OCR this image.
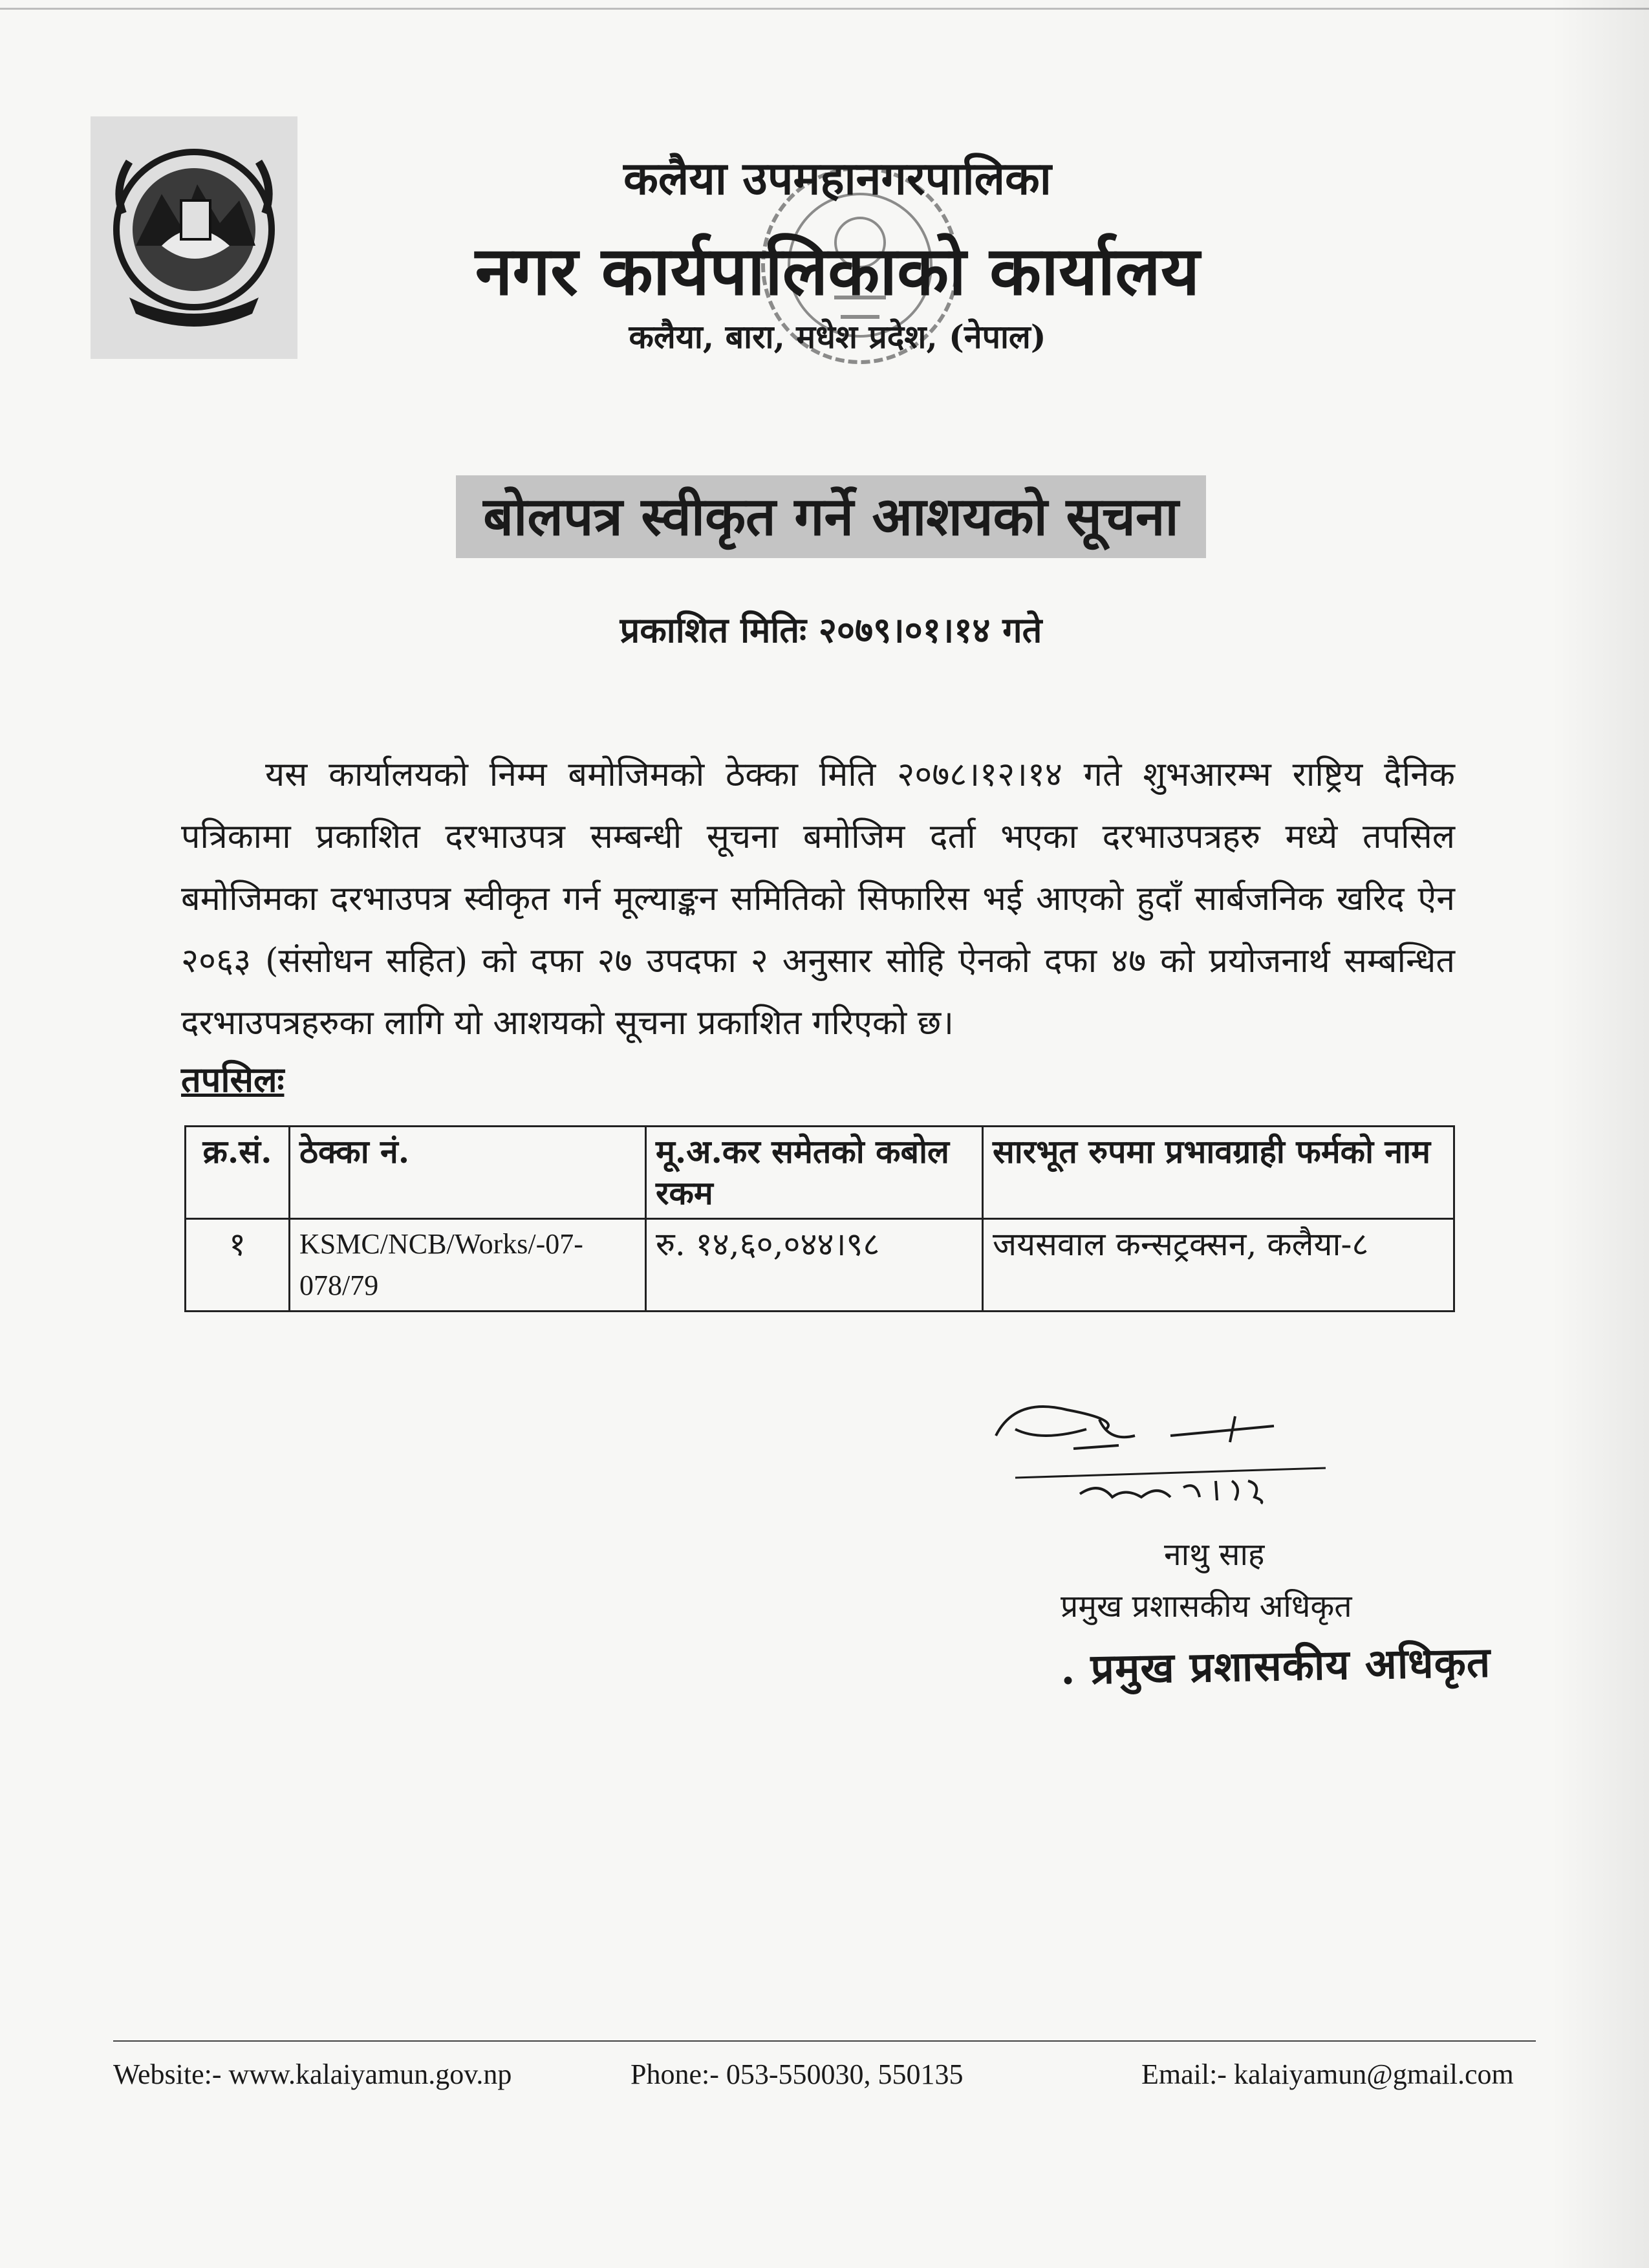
कलैया उपमहानगरपालिका
नगर कार्यपालिकाको कार्यालय
कलैया, बारा, मधेश प्रदेश, (नेपाल)
बोलपत्र स्वीकृत गर्ने आशयको सूचना
प्रकाशित मितिः २०७९।०१।१४ गते
यस कार्यालयको निम्म बमोजिमको ठेक्का मिति २०७८।१२।१४ गते शुभआरम्भ राष्ट्रिय दैनिक पत्रिकामा प्रकाशित दरभाउपत्र सम्बन्धी सूचना बमोजिम दर्ता भएका दरभाउपत्रहरु मध्ये तपसिल बमोजिमका दरभाउपत्र स्वीकृत गर्न मूल्याङ्कन समितिको सिफारिस भई आएको हुदाँ सार्बजनिक खरिद ऐन २०६३ (संसोधन सहित) को दफा २७ उपदफा २ अनुसार सोहि ऐनको दफा ४७ को प्रयोजनार्थ सम्बन्धित दरभाउपत्रहरुका लागि यो आशयको सूचना प्रकाशित गरिएको छ।
तपसिलः
क्र.सं.	ठेक्का नं.	मू.अ.कर समेतको कबोल रकम	सारभूत रुपमा प्रभावग्राही फर्मको नाम
१	KSMC/NCB/Works/-07-078/79	रु. १४,६०,०४४।९८	जयसवाल कन्सट्रक्सन, कलैया-८
नाथु साह
प्रमुख प्रशासकीय अधिकृत
. प्रमुख प्रशासकीय अधिकृत
Website:- www.kalaiyamun.gov.np	Phone:- 053-550030, 550135	Email:- kalaiyamun@gmail.com
